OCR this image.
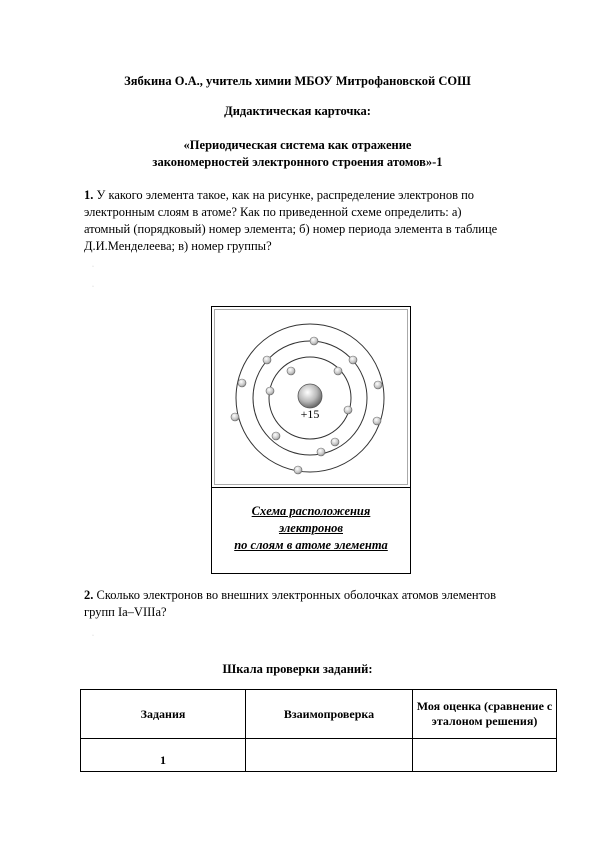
Зябкина О.А., учитель химии МБОУ Митрофановской СОШ
Дидактическая карточка:
«Периодическая система как отражение
закономерностей электронного строения атомов»-1
1. У какого элемента такое, как на рисунке, распределение электронов по
электронным слоям в атоме? Как по приведенной схеме определить: а)
атомный (порядковый) номер элемента; б) номер периода элемента в таблице
Д.И.Менделеева; в) номер группы?
·
·
+15
Схема расположения
электронов
по слоям в атоме элемента
2. Сколько электронов во внешних электронных оболочках атомов элементов
групп Iа–VIIIа?
·
Шкала проверки заданий:
Задания	Взаимопроверка	Моя оценка (сравнение с эталоном решения)
1		
